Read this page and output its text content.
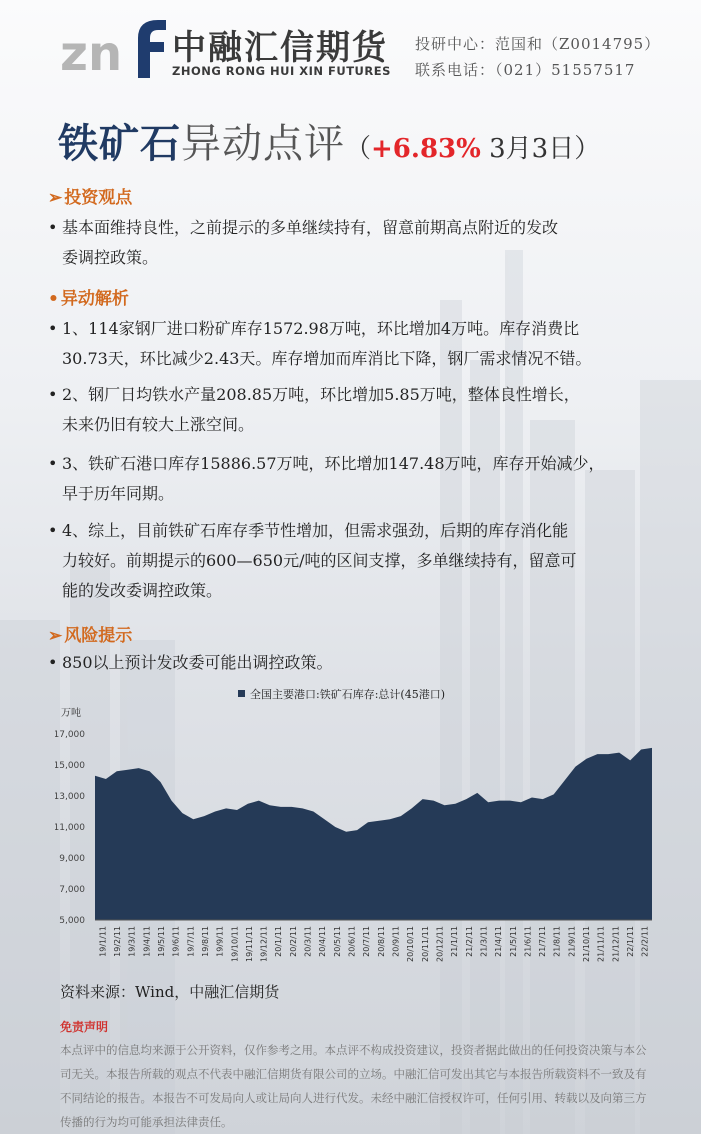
zn 中融汇信期货
ZHONG RONG HUI XIN FUTURES
投研中心：范国和（Z0014795）
联系电话：（021）51557517
铁矿石异动点评（+6.83% 3月3日）
➢ 投资观点
• 基本面维持良性，之前提示的多单继续持有，留意前期高点附近的发改
委调控政策。
• 异动解析
• 1、114家钢厂进口粉矿库存1572.98万吨，环比增加4万吨。库存消费比
30.73天，环比减少2.43天。库存增加而库消比下降，钢厂需求情况不错。
• 2、钢厂日均铁水产量208.85万吨，环比增加5.85万吨，整体良性增长，
未来仍旧有较大上涨空间。
• 3、铁矿石港口库存15886.57万吨，环比增加147.48万吨，库存开始减少，
早于历年同期。
• 4、综上，目前铁矿石库存季节性增加，但需求强劲，后期的库存消化能
力较好。前期提示的600—650元/吨的区间支撑，多单继续持有，留意可
能的发改委调控政策。
➢ 风险提示
• 850以上预计发改委可能出调控政策。
全国主要港口:铁矿石库存:总计(45港口)
万吨
17,000
15,000
13,000
11,000
9,000
7,000
5,000
19/1/11 19/2/11 19/3/11 19/4/11 19/5/11 19/6/11 19/7/11 19/8/11 19/9/11 19/10/11 19/11/11 19/12/11 20/1/11 20/2/11 20/3/11 20/4/11 20/5/11 20/6/11 20/7/11 20/8/11 20/9/11 20/10/11 20/11/11 20/12/11 21/1/11 21/2/11 21/3/11 21/4/11 21/5/11 21/6/11 21/7/11 21/8/11 21/9/11 21/10/11 21/11/11 21/12/11 22/1/11 22/2/11
资料来源：Wind，中融汇信期货
免责声明
本点评中的信息均来源于公开资料，仅作参考之用。本点评不构成投资建议，投资者据此做出的任何投资决策与本公司无关。本报告所载的观点不代表中融汇信期货有限公司的立场。中融汇信可发出其它与本报告所载资料不一致及有不同结论的报告。本报告不可发局向人或让局向人进行代发。未经中融汇信授权许可，任何引用、转载以及向第三方传播的行为均可能承担法律责任。
